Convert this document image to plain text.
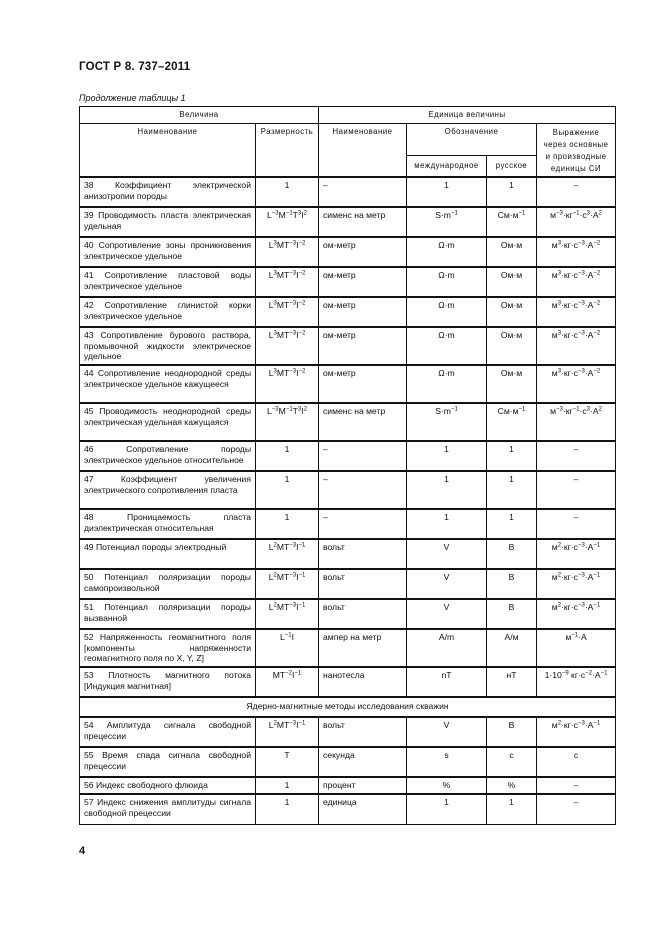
ГОСТ Р 8. 737–2011
Продолжение таблицы 1
Величина		Единица величины			
Наименование	Размерность	Наименование	Обозначение		Выражение через основные и производные единицы СИ
			международное	русское	
38 Коэффициент электрической анизотропии породы	1	–	1	1	–
39 Проводимость пласта электрическая удельная	$L^{-3}M^{-1}T^3I^2$	сименс на метр	$S\cdot m^{-1}$	$См\cdot м^{-1}$	$м^{-3}\cdot кг^{-1}\cdot с^3\cdot А^2$
40 Сопротивление зоны проникновения электрическое удельное	$L^3MT^{-3}I^{-2}$	ом-метр	Ω·m	Ом·м	$м^3\cdot кг\cdot с^{-3}\cdot А^{-2}$
41 Сопротивление пластовой воды электрическое удельное	$L^3MT^{-3}I^{-2}$	ом-метр	Ω·m	Ом·м	$м^3\cdot кг\cdot с^{-3}\cdot А^{-2}$
42 Сопротивление глинистой корки электрическое удельное	$L^3MT^{-3}I^{-2}$	ом-метр	Ω·m	Ом·м	$м^3\cdot кг\cdot с^{-3}\cdot А^{-2}$
43 Сопротивление бурового раствора, промывочной жидкости электрическое удельное	$L^3MT^{-3}I^{-2}$	ом-метр	Ω·m	Ом·м	$м^3\cdot кг\cdot с^{-3}\cdot А^{-2}$
44 Сопротивление неоднородной среды электрическое удельное кажущееся	$L^3MT^{-3}I^{-2}$	ом-метр	Ω·m	Ом·м	$м^3\cdot кг\cdot с^{-3}\cdot А^{-2}$
45 Проводимость неоднородной среды электрическая удельная кажущаяся	$L^{-3}M^{-1}T^3I^2$	сименс на метр	$S\cdot m^{-1}$	$См\cdot м^{-1}$	$м^{-3}\cdot кг^{-1}\cdot с^3\cdot А^2$
46 Сопротивление породы электрическое удельное относительное	1	–	1	1	–
47 Коэффициент увеличения электрического сопротивления пласта	1	–	1	1	–
48 Проницаемость пласта диэлектрическая относительная	1	–	1	1	–
49 Потенциал породы электродный	$L^2MT^{-3}I^{-1}$	вольт	V	В	$м^2\cdot кг\cdot с^{-3}\cdot А^{-1}$
50 Потенциал поляризации породы самопроизвольной	$L^2MT^{-3}I^{-1}$	вольт	V	В	$м^2\cdot кг\cdot с^{-3}\cdot А^{-1}$
51 Потенциал поляризации породы вызванной	$L^2MT^{-3}I^{-1}$	вольт	V	В	$м^2\cdot кг\cdot с^{-3}\cdot А^{-1}$
52 Напряженность геомагнитного поля [компоненты напряженности геомагнитного поля по X, Y, Z]	$L^{-1}I$	ампер на метр	A/m	А/м	$м^{-1}\cdot А$
53 Плотность магнитного потока [Индукция магнитная]	$MT^{-2}I^{-1}$	нанотесла	nT	нТ	$1\cdot 10^{-9}$ $кг\cdot с^{-2}\cdot А^{-1}$
Ядерно-магнитные методы исследования скважин					
54 Амплитуда сигнала свободной прецессии	$L^2MT^{-3}I^{-1}$	вольт	V	В	$м^2\cdot кг\cdot с^{-3}\cdot А^{-1}$
55 Время спада сигнала свободной прецессии	T	секунда	s	с	с
56 Индекс свободного флюида	1	процент	%	%	–
57 Индекс снижения амплитуды сигнала свободной прецессии	1	единица	1	1	–
4
